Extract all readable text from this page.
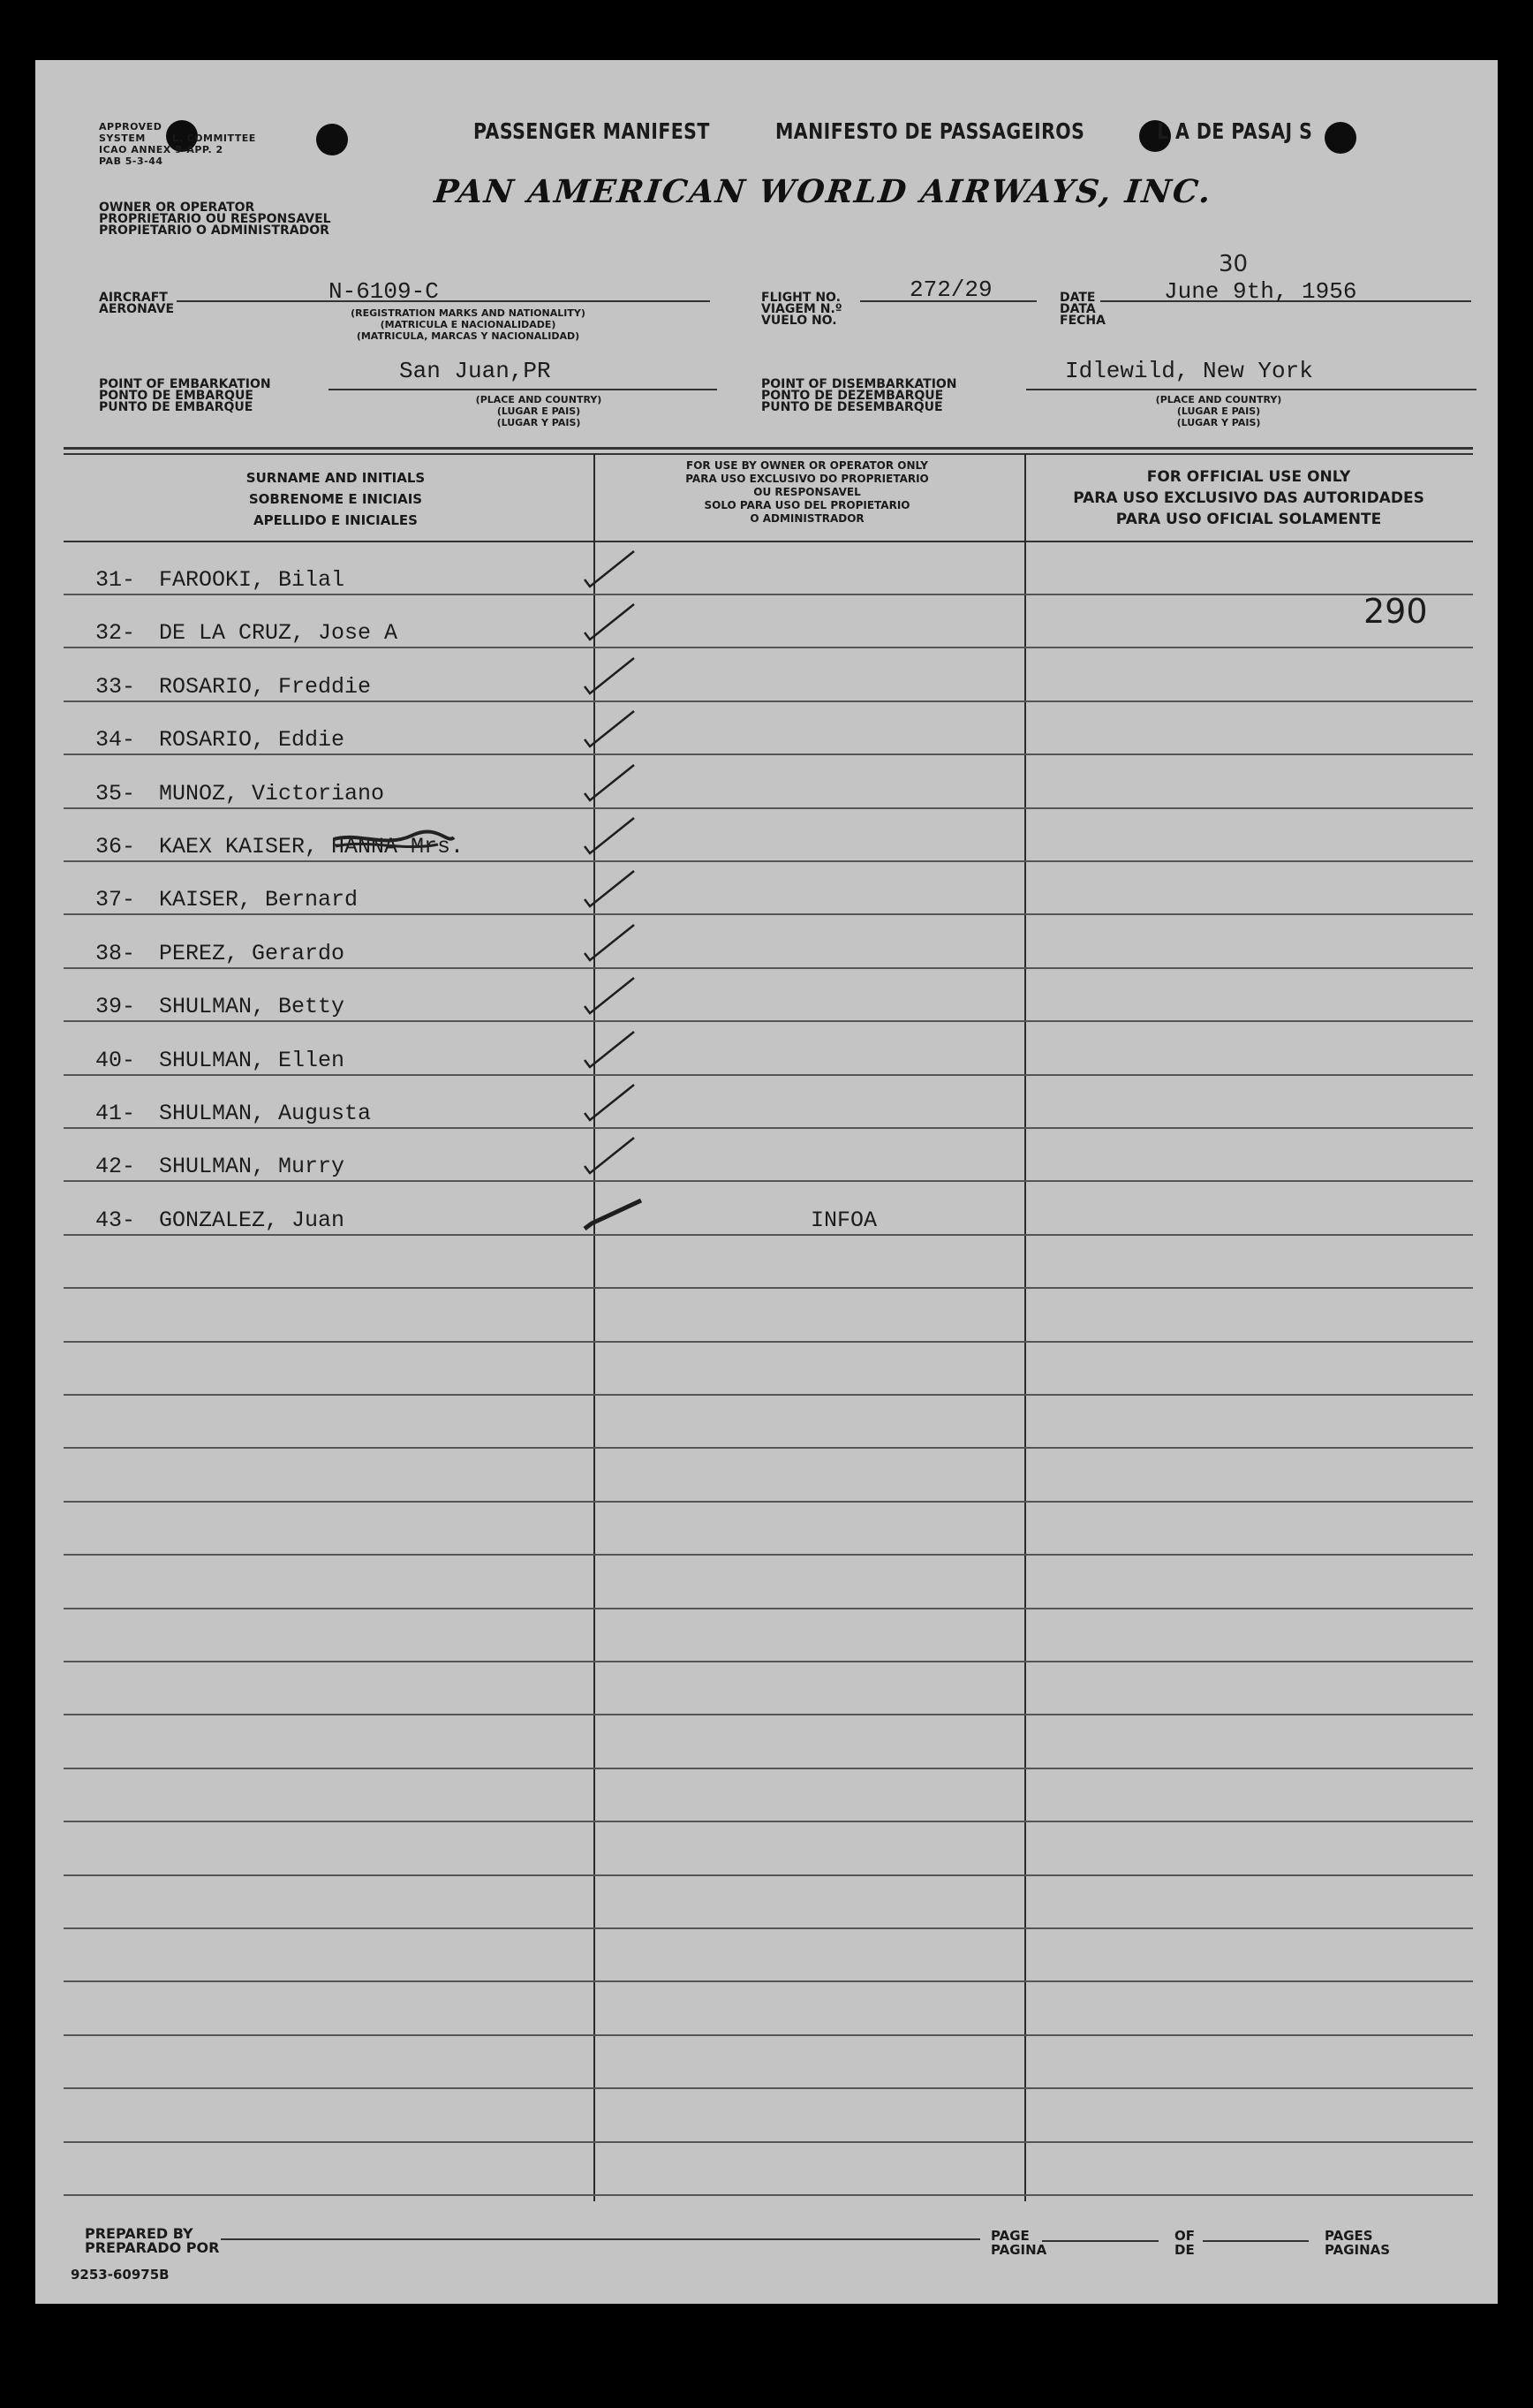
APPROVED
SYSTEM       L. COMMITTEE
ICAO ANNEX 9-APP. 2
PAB 5-3-44
PASSENGER MANIFEST	MANIFESTO DE PASSAGEIROS	L A DE PASAJ S
OWNER OR OPERATOR
PROPRIETARIO OU RESPONSAVEL
PROPIETARIO O ADMINISTRADOR
PAN AMERICAN WORLD AIRWAYS, INC.
AIRCRAFT
AERONAVE
N-6109-C
(REGISTRATION MARKS AND NATIONALITY)
(MATRICULA E NACIONALIDADE)
(MATRICULA, MARCAS Y NACIONALIDAD)
FLIGHT NO.
VIAGEM N.º
VUELO NO.
272/29	DATE
DATA
FECHA
June 9th, 1956
30
POINT OF EMBARKATION
PONTO DE EMBARQUE
PUNTO DE EMBARQUE
San Juan,PR
(PLACE AND COUNTRY)
(LUGAR E PAIS)
(LUGAR Y PAIS)
POINT OF DISEMBARKATION
PONTO DE DEZEMBARQUE
PUNTO DE DESEMBARQUE
Idlewild, New York
(PLACE AND COUNTRY)
(LUGAR E PAIS)
(LUGAR Y PAIS)
SURNAME AND INITIALS
SOBRENOME E INICIAIS
APELLIDO E INICIALES
FOR USE BY OWNER OR OPERATOR ONLY
PARA USO EXCLUSIVO DO PROPRIETARIO
OU RESPONSAVEL
SOLO PARA USO DEL PROPIETARIO
O ADMINISTRADOR
FOR OFFICIAL USE ONLY
PARA USO EXCLUSIVO DAS AUTORIDADES
PARA USO OFICIAL SOLAMENTE
31- FAROOKI, Bilal
32- DE LA CRUZ, Jose A
33- ROSARIO, Freddie
34- ROSARIO, Eddie
35- MUNOZ, Victoriano
36- KAEX KAISER, HANNA Mrs.
37- KAISER, Bernard
38- PEREZ, Gerardo
39- SHULMAN, Betty
40- SHULMAN, Ellen
41- SHULMAN, Augusta
42- SHULMAN, Murry
43- GONZALEZ, Juan	INFOA
290
PREPARED BY
PREPARADO POR
9253-60975B
PAGE
PAGINA
OF
DE
PAGES
PAGINAS
